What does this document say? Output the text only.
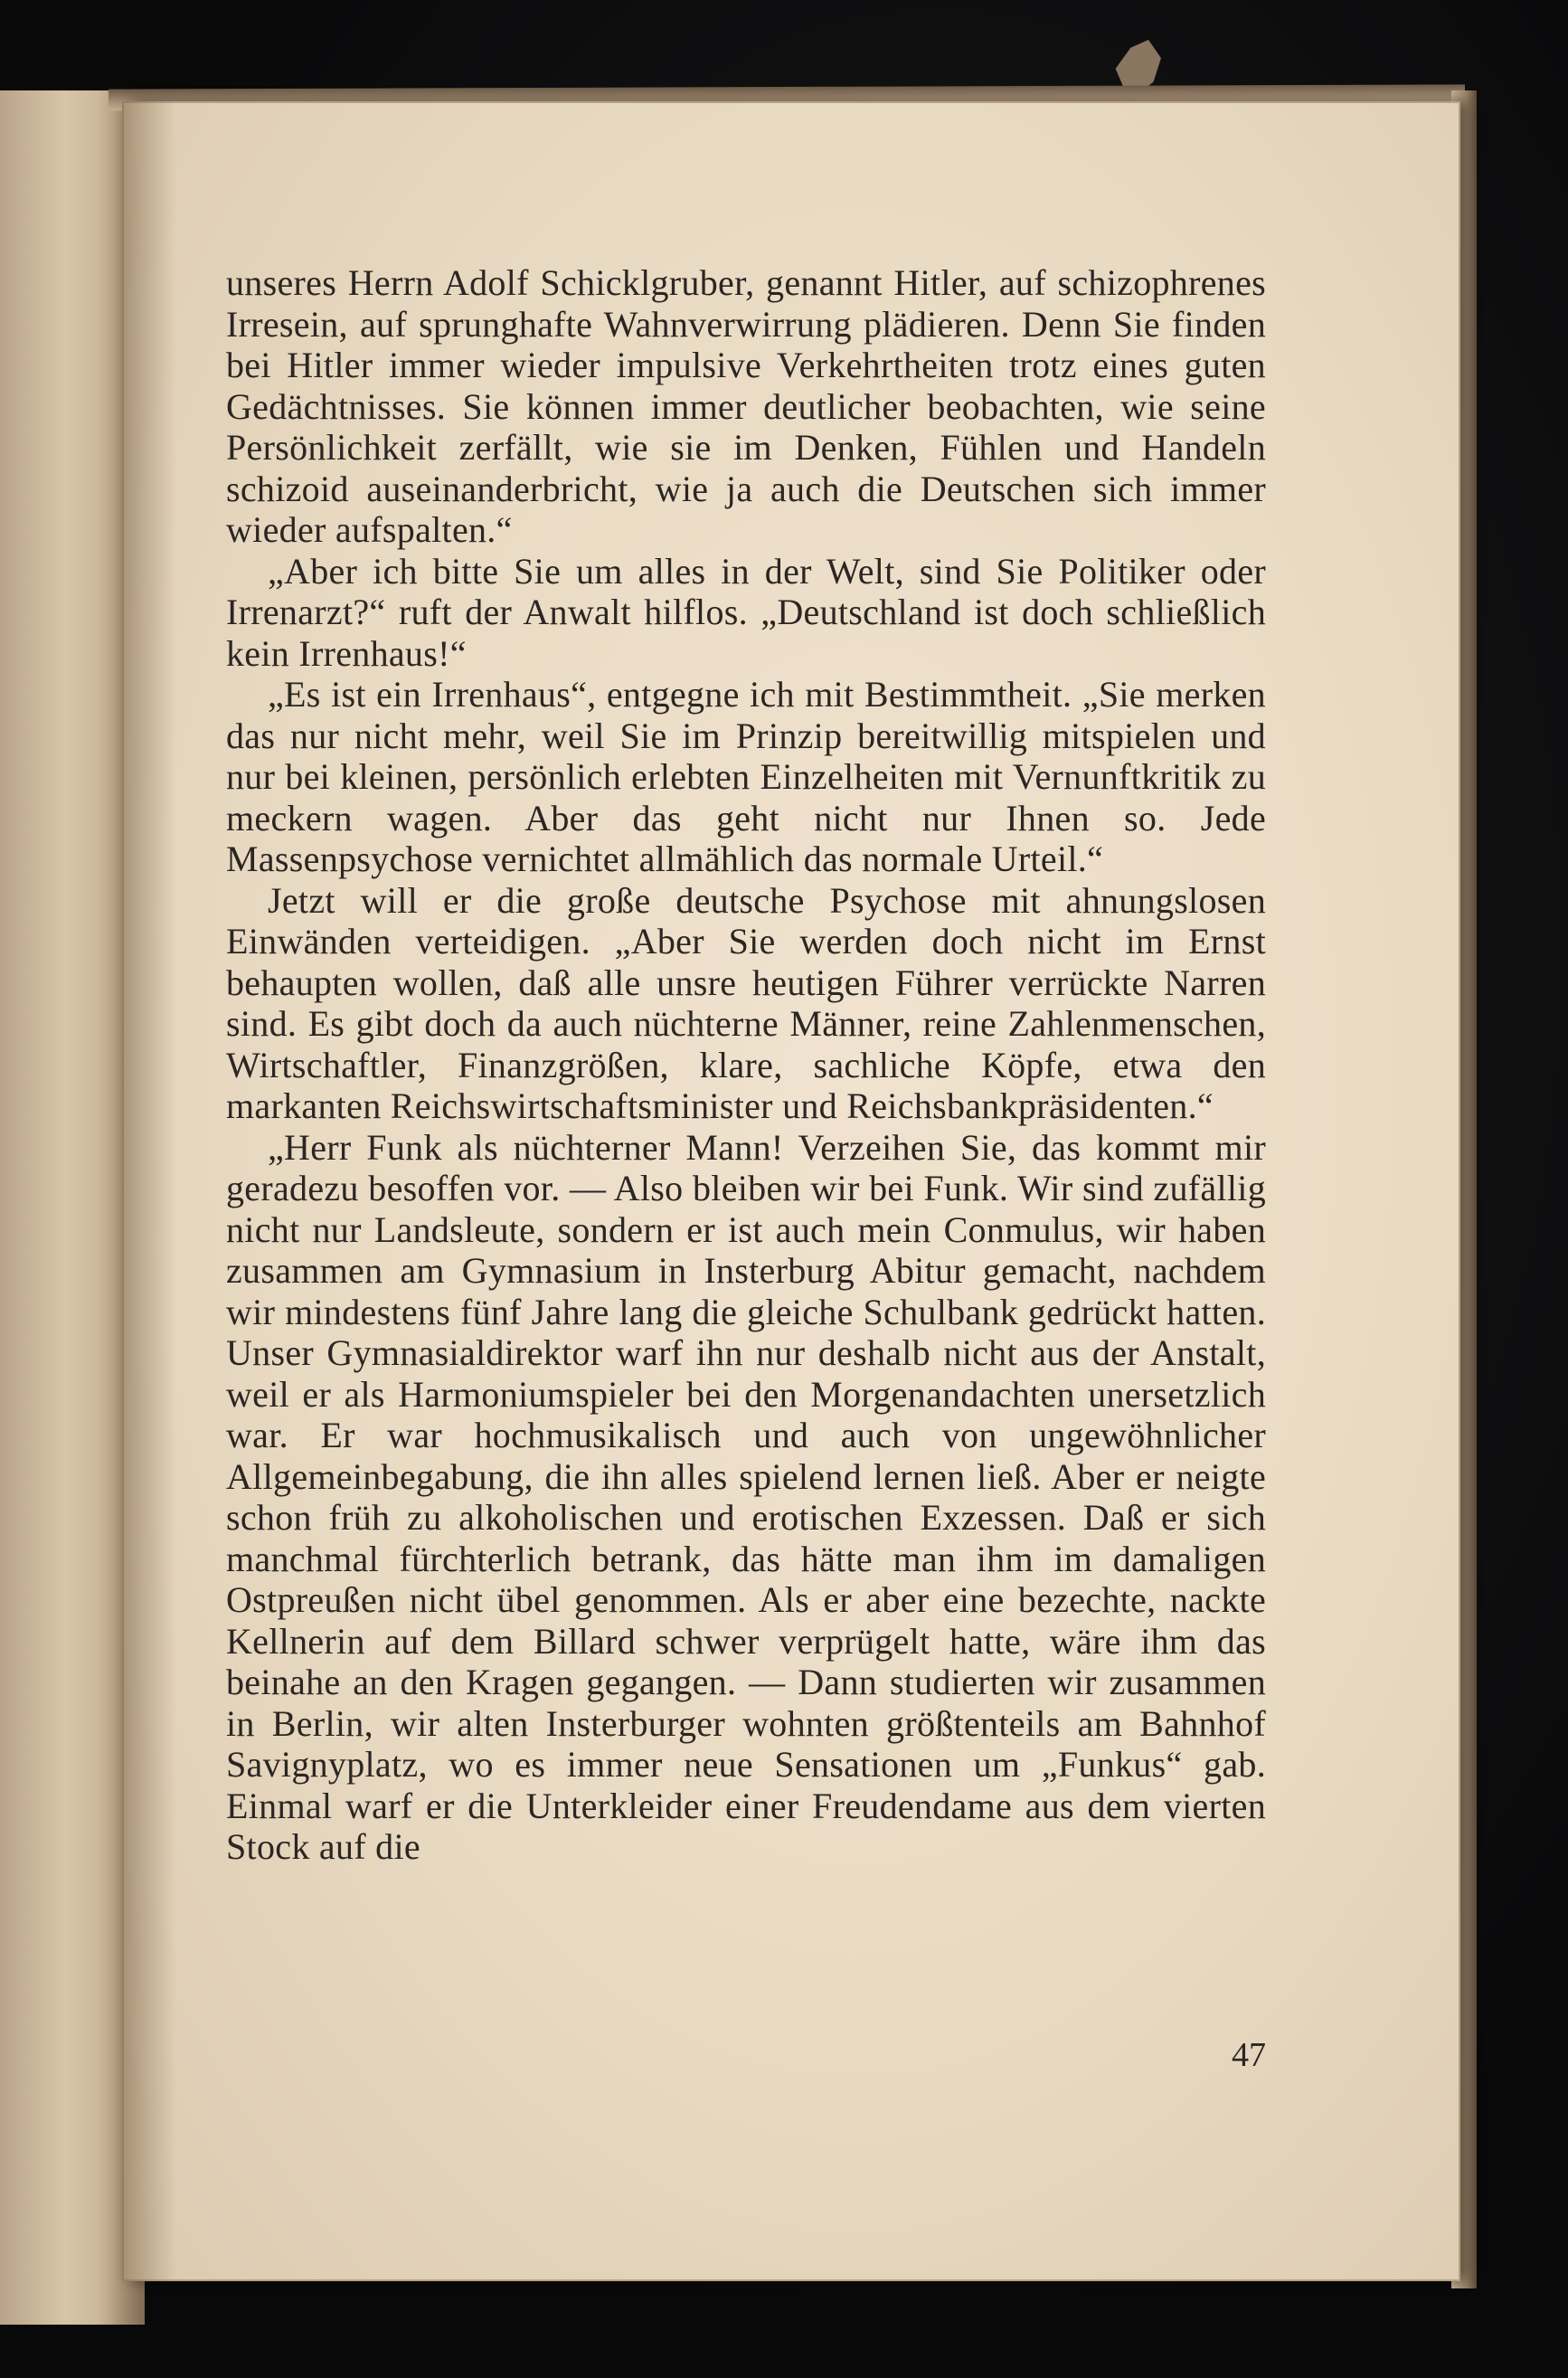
unseres Herrn Adolf Schicklgruber, genannt Hitler, auf schizophrenes Irresein, auf sprunghafte Wahnverwirrung plädieren. Denn Sie finden bei Hitler immer wieder impulsive Verkehrtheiten trotz eines guten Gedächtnisses. Sie können immer deutlicher beobachten, wie seine Persönlichkeit zerfällt, wie sie im Denken, Fühlen und Handeln schizoid auseinanderbricht, wie ja auch die Deutschen sich immer wieder aufspalten.“

„Aber ich bitte Sie um alles in der Welt, sind Sie Politiker oder Irrenarzt?“ ruft der Anwalt hilflos. „Deutschland ist doch schließlich kein Irrenhaus!“

„Es ist ein Irrenhaus“, entgegne ich mit Bestimmtheit. „Sie merken das nur nicht mehr, weil Sie im Prinzip bereitwillig mitspielen und nur bei kleinen, persönlich erlebten Einzelheiten mit Vernunftkritik zu meckern wagen. Aber das geht nicht nur Ihnen so. Jede Massenpsychose vernichtet allmählich das normale Urteil.“

Jetzt will er die große deutsche Psychose mit ahnungslosen Einwänden verteidigen. „Aber Sie werden doch nicht im Ernst behaupten wollen, daß alle unsre heutigen Führer verrückte Narren sind. Es gibt doch da auch nüchterne Männer, reine Zahlenmenschen, Wirtschaftler, Finanzgrößen, klare, sachliche Köpfe, etwa den markanten Reichswirtschaftsminister und Reichsbankpräsidenten.“

„Herr Funk als nüchterner Mann! Verzeihen Sie, das kommt mir geradezu besoffen vor. — Also bleiben wir bei Funk. Wir sind zufällig nicht nur Landsleute, sondern er ist auch mein Conmulus, wir haben zusammen am Gymnasium in Insterburg Abitur gemacht, nachdem wir mindestens fünf Jahre lang die gleiche Schulbank gedrückt hatten. Unser Gymnasialdirektor warf ihn nur deshalb nicht aus der Anstalt, weil er als Harmoniumspieler bei den Morgenandachten unersetzlich war. Er war hochmusikalisch und auch von ungewöhnlicher Allgemeinbegabung, die ihn alles spielend lernen ließ. Aber er neigte schon früh zu alkoholischen und erotischen Exzessen. Daß er sich manchmal fürchterlich betrank, das hätte man ihm im damaligen Ostpreußen nicht übel genommen. Als er aber eine bezechte, nackte Kellnerin auf dem Billard schwer verprügelt hatte, wäre ihm das beinahe an den Kragen gegangen. — Dann studierten wir zusammen in Berlin, wir alten Insterburger wohnten größtenteils am Bahnhof Savignyplatz, wo es immer neue Sensationen um „Funkus“ gab. Einmal warf er die Unterkleider einer Freudendame aus dem vierten Stock auf die

47
